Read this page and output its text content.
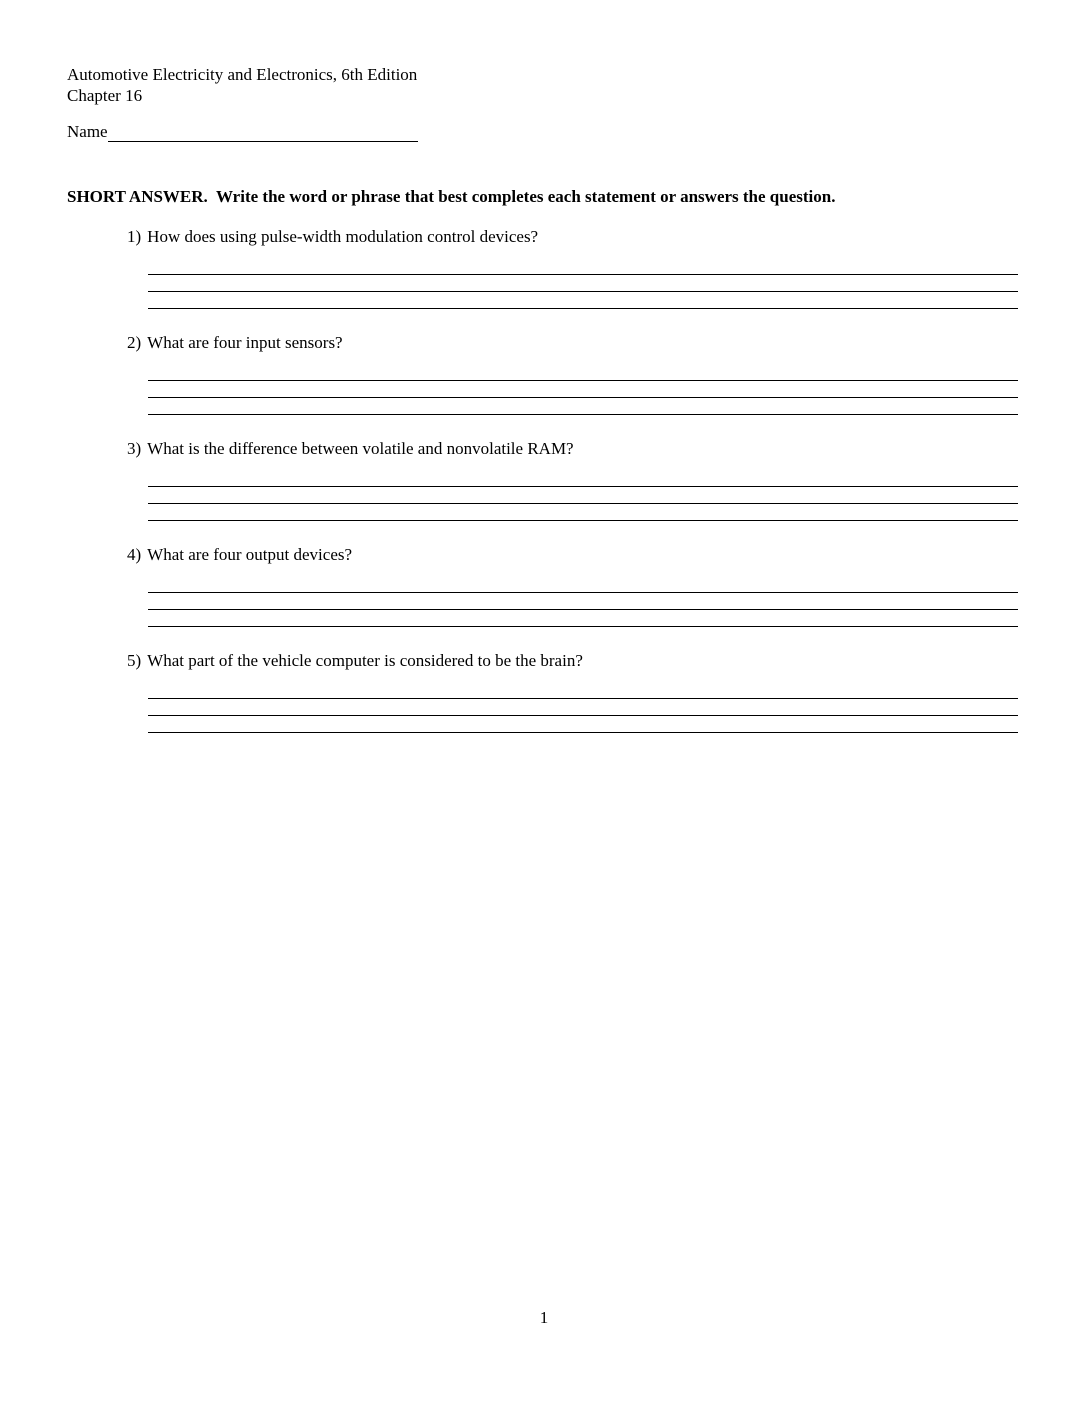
Automotive Electricity and Electronics, 6th Edition
Chapter 16
Name
SHORT ANSWER.  Write the word or phrase that best completes each statement or answers the question.
1) How does using pulse-width modulation control devices?
2) What are four input sensors?
3) What is the difference between volatile and nonvolatile RAM?
4) What are four output devices?
5) What part of the vehicle computer is considered to be the brain?
1
